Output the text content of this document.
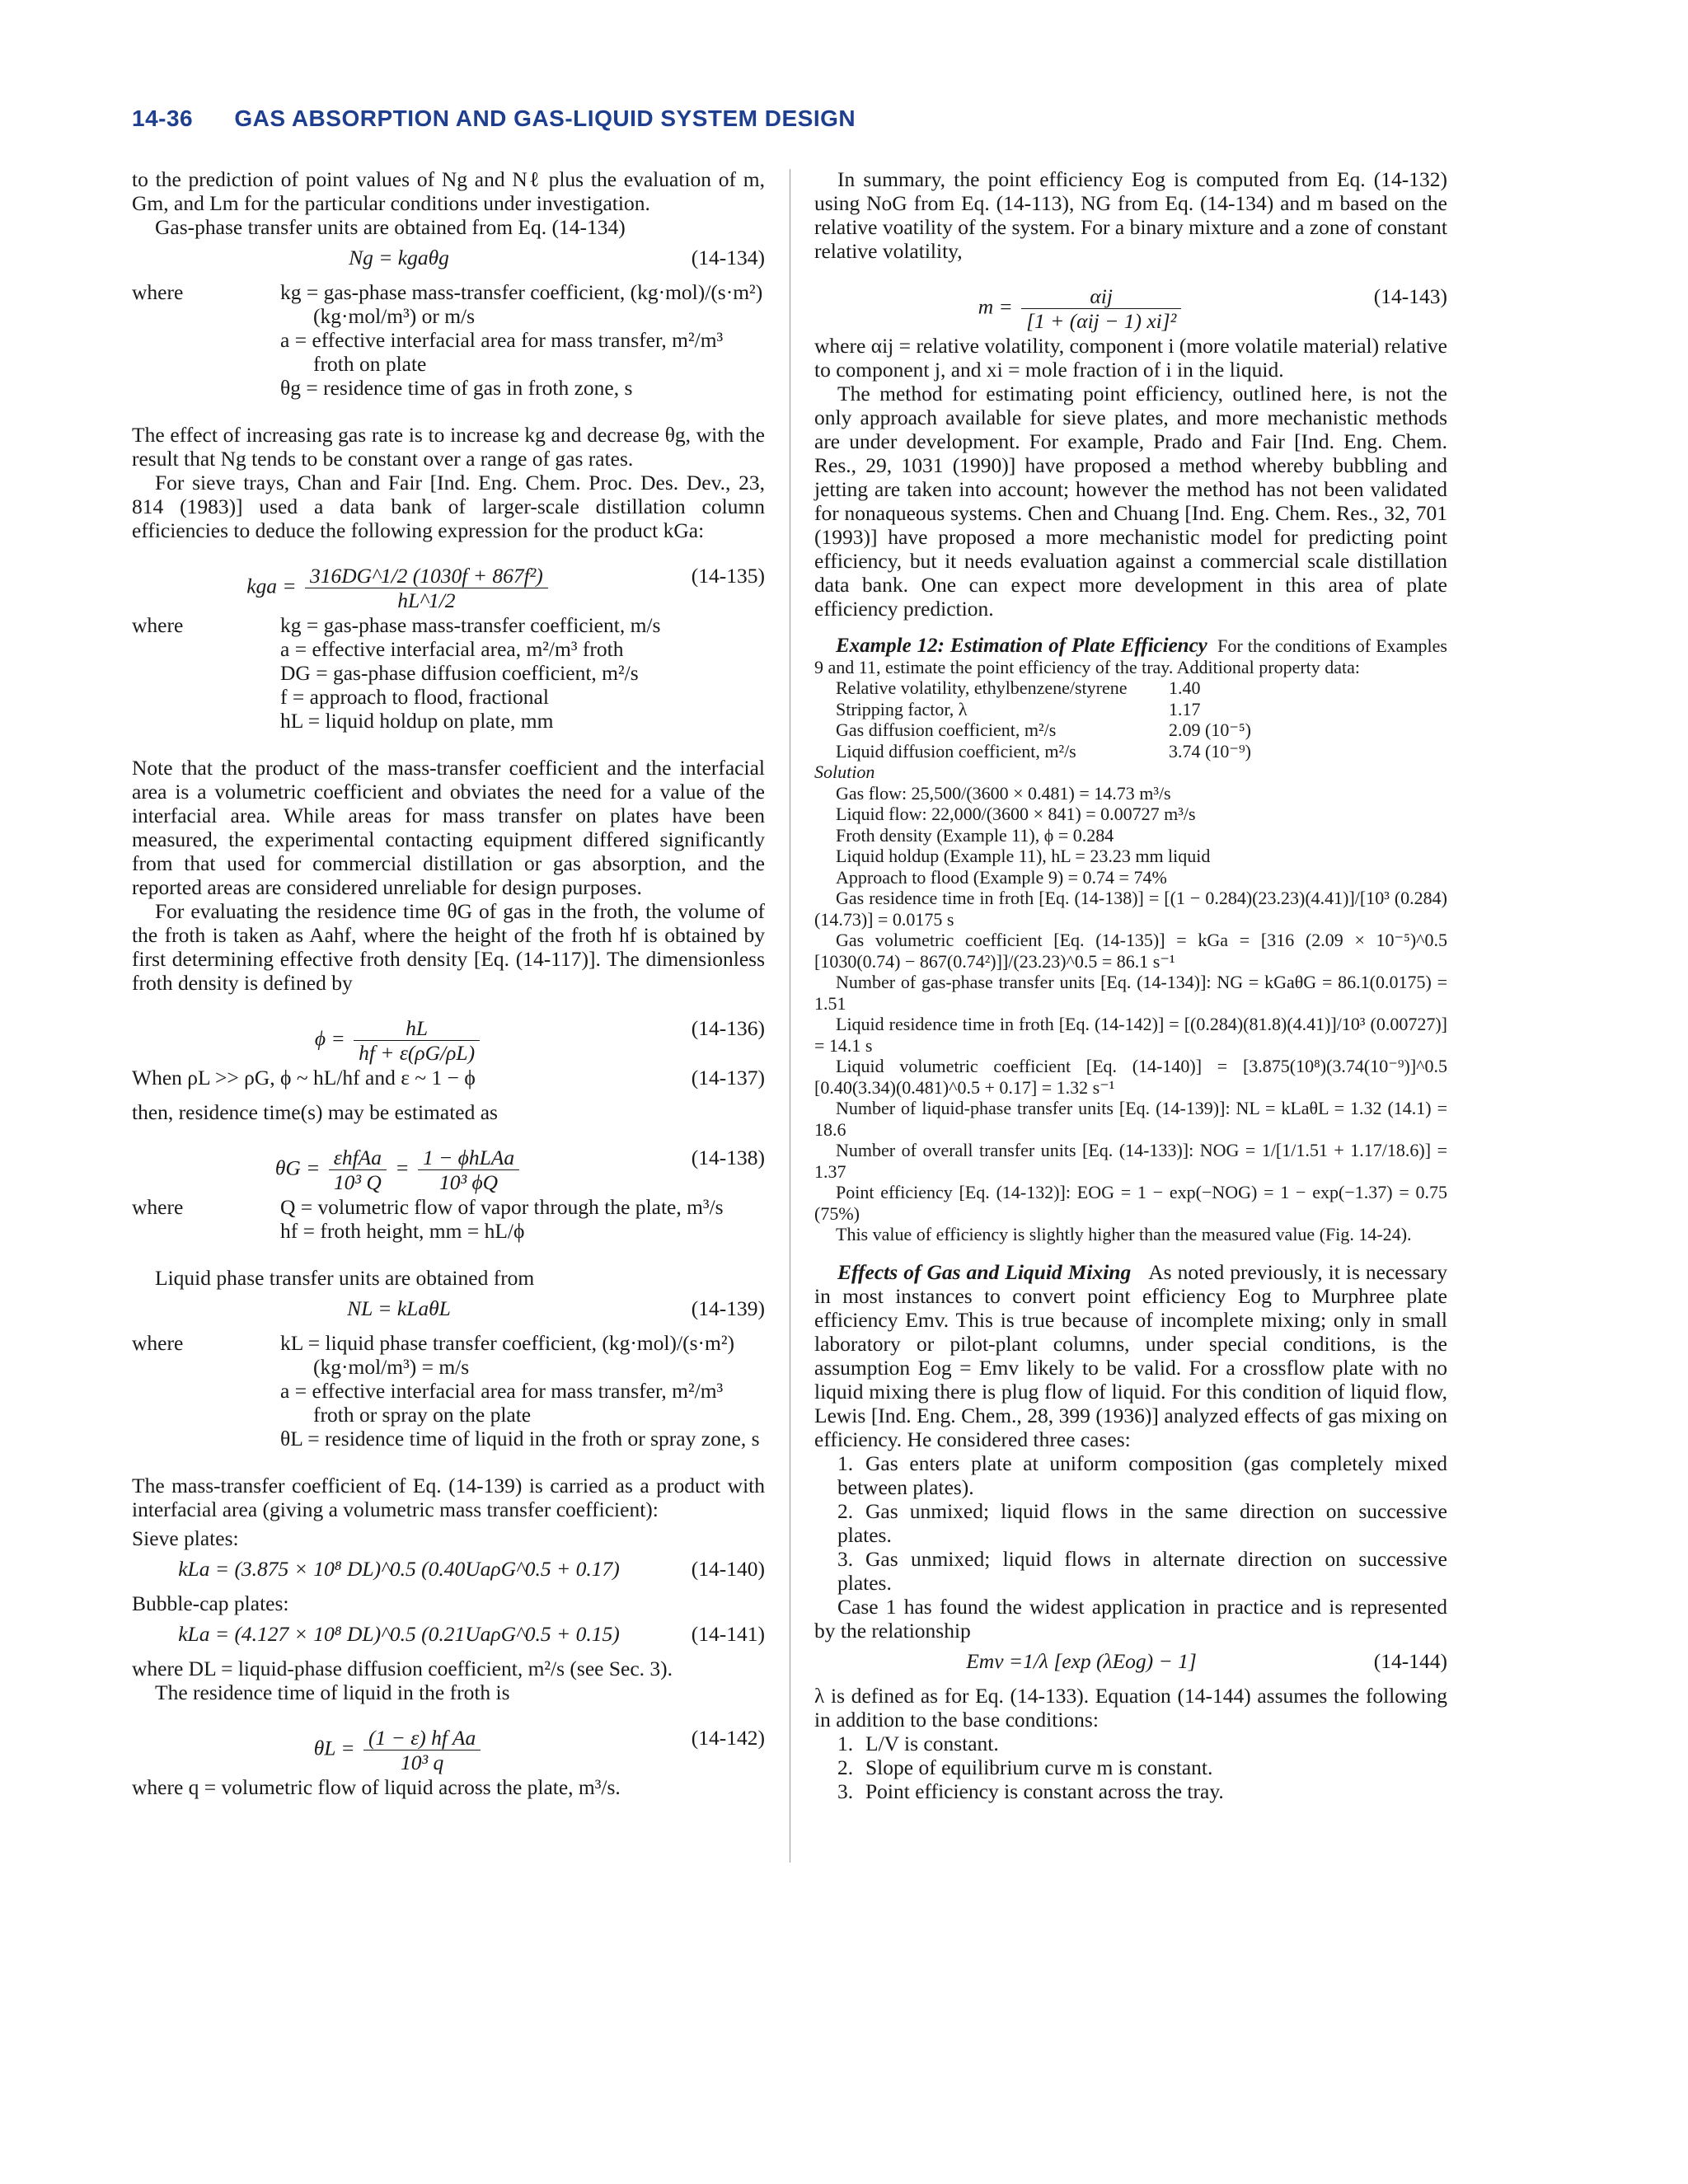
14-36 GAS ABSORPTION AND GAS-LIQUID SYSTEM DESIGN

to the prediction of point values of Ng and Nℓ plus the evaluation of m, Gm, and Lm for the particular conditions under investigation.

Gas-phase transfer units are obtained from Eq. (14-134)

Ng = kgaθg	(14-134)
where	kg = gas-phase mass-transfer coefficient, (kg·mol)/(s·m²)(kg·mol/m³) or m/s
a = effective interfacial area for mass transfer, m²/m³ froth on plate
θg = residence time of gas in froth zone, s

The effect of increasing gas rate is to increase kg and decrease θg, with the result that Ng tends to be constant over a range of gas rates.

For sieve trays, Chan and Fair [Ind. Eng. Chem. Proc. Des. Dev., 23, 814 (1983)] used a data bank of larger-scale distillation column efficiencies to deduce the following expression for the product kGa:

kga = $\frac{\text{316DG\textasciicircum{}1/2 (1030f + 867f²)}}{hL\^{}1/2}$	(14-135)
where	kg = gas-phase mass-transfer coefficient, m/s
a = effective interfacial area, m²/m³ froth
DG = gas-phase diffusion coefficient, m²/s
f = approach to flood, fractional
hL = liquid holdup on plate, mm

Note that the product of the mass-transfer coefficient and the interfacial area is a volumetric coefficient and obviates the need for a value of the interfacial area. While areas for mass transfer on plates have been measured, the experimental contacting equipment differed significantly from that used for commercial distillation or gas absorption, and the reported areas are considered unreliable for design purposes.

For evaluating the residence time θG of gas in the froth, the volume of the froth is taken as Aahf, where the height of the froth hf is obtained by first determining effective froth density [Eq. (14-117)]. The dimensionless froth density is defined by

$\phi = \frac{hL}{hf + \varepsilon(\rho G/\rho L)}$	(14-136)
When ρL >> ρG, ϕ ~ hL/hf and ε ~ 1 − ϕ	(14-137)

then, residence time(s) may be estimated as

$\theta G = \frac{\text{εhfAa}}{\text{10³ Q}} = \frac{\text{1 − ϕhLAa}}{\text{10³ ϕQ}}$	(14-138)
where	Q = volumetric flow of vapor through the plate, m³/s
hf = froth height, mm = hL/ϕ

Liquid phase transfer units are obtained from

NL = kLaθL	(14-139)
where	kL = liquid phase transfer coefficient, (kg·mol)/(s·m²)(kg·mol/m³) = m/s
a = effective interfacial area for mass transfer, m²/m³ froth or spray on the plate
θL = residence time of liquid in the froth or spray zone, s

The mass-transfer coefficient of Eq. (14-139) is carried as a product with interfacial area (giving a volumetric mass transfer coefficient):

Sieve plates:

kLa = (3.875 × 10⁸ DL)^0.5 (0.40UaρG^0.5 + 0.17)	(14-140)

Bubble-cap plates:

kLa = (4.127 × 10⁸ DL)^0.5 (0.21UaρG^0.5 + 0.15)	(14-141)

where DL = liquid-phase diffusion coefficient, m²/s (see Sec. 3).

The residence time of liquid in the froth is

$\theta L = \frac{\text{(1 − ε) hf Aa}}{\text{10³ q}}$	(14-142)

where q = volumetric flow of liquid across the plate, m³/s.

In summary, the point efficiency Eog is computed from Eq. (14-132) using NoG from Eq. (14-113), NG from Eq. (14-134) and m based on the relative voatility of the system. For a binary mixture and a zone of constant relative volatility,

$m = \frac{\text{αij}}{\text{[1 + (αij − 1) xi]²}}$	(14-143)

where αij = relative volatility, component i (more volatile material) relative to component j, and xi = mole fraction of i in the liquid.

The method for estimating point efficiency, outlined here, is not the only approach available for sieve plates, and more mechanistic methods are under development. For example, Prado and Fair [Ind. Eng. Chem. Res., 29, 1031 (1990)] have proposed a method whereby bubbling and jetting are taken into account; however the method has not been validated for nonaqueous systems. Chen and Chuang [Ind. Eng. Chem. Res., 32, 701 (1993)] have proposed a more mechanistic model for predicting point efficiency, but it needs evaluation against a commercial scale distillation data bank. One can expect more development in this area of plate efficiency prediction.

Example 12: Estimation of Plate Efficiency For the conditions of Examples 9 and 11, estimate the point efficiency of the tray. Additional property data:

Relative volatility, ethylbenzene/styrene 1.40
Stripping factor, λ	1.17
Gas diffusion coefficient, m²/s	2.09 (10⁻⁵)
Liquid diffusion coefficient, m²/s	3.74 (10⁻⁹)
Solution

Gas flow: 25,500/(3600 × 0.481) = 14.73 m³/s

Liquid flow: 22,000/(3600 × 841) = 0.00727 m³/s

Froth density (Example 11), ϕ = 0.284

Liquid holdup (Example 11), hL = 23.23 mm liquid

Approach to flood (Example 9) = 0.74 = 74%

Gas residence time in froth [Eq. (14-138)] = [(1 − 0.284)(23.23)(4.41)]/[10³ (0.284)(14.73)] = 0.0175 s

Gas volumetric coefficient [Eq. (14-135)] = kGa = [316 (2.09 × 10⁻⁵)^0.5 [1030(0.74) − 867(0.74²)]]/(23.23)^0.5 = 86.1 s⁻¹

Number of gas-phase transfer units [Eq. (14-134)]: NG = kGaθG = 86.1(0.0175) = 1.51

Liquid residence time in froth [Eq. (14-142)] = [(0.284)(81.8)(4.41)]/10³ (0.00727)] = 14.1 s

Liquid volumetric coefficient [Eq. (14-140)] = [3.875(10⁸)(3.74(10⁻⁹)]^0.5 [0.40(3.34)(0.481)^0.5 + 0.17] = 1.32 s⁻¹

Number of liquid-phase transfer units [Eq. (14-139)]: NL = kLaθL = 1.32 (14.1) = 18.6

Number of overall transfer units [Eq. (14-133)]: NOG = 1/[1/1.51 + 1.17/18.6)] = 1.37

Point efficiency [Eq. (14-132)]: EOG = 1 − exp(−NOG) = 1 − exp(−1.37) = 0.75 (75%)

This value of efficiency is slightly higher than the measured value (Fig. 14-24).

Effects of Gas and Liquid Mixing As noted previously, it is necessary in most instances to convert point efficiency Eog to Murphree plate efficiency Emv. This is true because of incomplete mixing; only in small laboratory or pilot-plant columns, under special conditions, is the assumption Eog = Emv likely to be valid. For a crossflow plate with no liquid mixing there is plug flow of liquid. For this condition of liquid flow, Lewis [Ind. Eng. Chem., 28, 399 (1936)] analyzed effects of gas mixing on efficiency. He considered three cases:

1. Gas enters plate at uniform composition (gas completely mixed between plates).

2. Gas unmixed; liquid flows in the same direction on successive plates.

3. Gas unmixed; liquid flows in alternate direction on successive plates.

Case 1 has found the widest application in practice and is represented by the relationship

Emv =1/λ [exp (λEog) − 1]	(14-144)

λ is defined as for Eq. (14-133). Equation (14-144) assumes the following in addition to the base conditions:

1. L/V is constant.

2. Slope of equilibrium curve m is constant.

3. Point efficiency is constant across the tray.
